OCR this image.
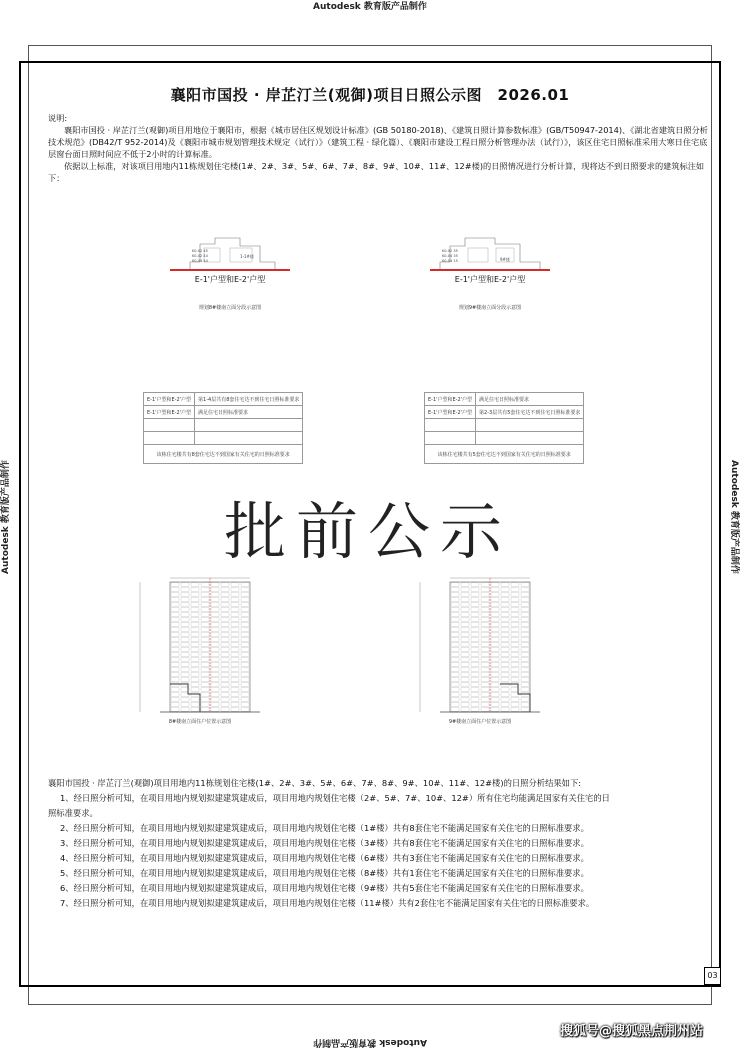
Autodesk 教育版产品制作
Autodesk 教育版产品制作
Autodesk 教育版产品制作	Autodesk 教育版产品制作
襄阳市国投 · 岸芷汀兰(观御)项目日照公示图　2026.01
说明:
襄阳市国投 · 岸芷汀兰(观御)项目用地位于襄阳市，根据《城市居住区规划设计标准》(GB 50180-2018)、《建筑日照计算参数标准》(GB/T50947-2014)、《湖北省建筑日照分析技术规范》(DB42/T 952-2014)及《襄阳市城市规划管理技术规定（试行）》（建筑工程 · 绿化篇）、《襄阳市建设工程日照分析管理办法（试行）》，该区住宅日照标准采用大寒日住宅底层窗台面日照时间应不低于2小时的计算标准。
依据以上标准，对该项目用地内11栋规划住宅楼(1#、2#、3#、5#、6#、7#、8#、9#、10#、11#、12#楼)的日照情况进行分析计算，现将达不到日照要求的建筑标注如下：
K0-02 45
K0-02 44
K0-04 44
1-1#楼
E-1'户型和E-2'户型
规划8#楼南立面分段示意图
K0-02 35
K0-04 35
K0-04 15	9#楼
E-1'户型和E-2'户型
规划9#楼南立面分段示意图
E-1'户型和E-2'户型	第1-4层共有8套住宅达不到住宅日照标准要求
E-1'户型和E-2'户型	满足住宅日照标准要求

该栋住宅楼共有8套住宅达不到国家有关住宅的日照标准要求	
E-1'户型和E-2'户型	满足住宅日照标准要求
E-1'户型和E-2'户型	第2-3层共有5套住宅达不到住宅日照标准要求

该栋住宅楼共有5套住宅达不到国家有关住宅的日照标准要求	
批前公示
8#楼南立面住户位置示意图	9#楼南立面住户位置示意图
襄阳市国投 · 岸芷汀兰(观御)项目用地内11栋规划住宅楼(1#、2#、3#、5#、6#、7#、8#、9#、10#、11#、12#楼)的日照分析结果如下:
1、经日照分析可知，在项目用地内规划拟建建筑建成后，项目用地内规划住宅楼（2#、5#、7#、10#、12#）所有住宅均能满足国家有关住宅的日
照标准要求。
2、经日照分析可知，在项目用地内规划拟建建筑建成后，项目用地内规划住宅楼（1#楼）共有8套住宅不能满足国家有关住宅的日照标准要求。
3、经日照分析可知，在项目用地内规划拟建建筑建成后，项目用地内规划住宅楼（3#楼）共有8套住宅不能满足国家有关住宅的日照标准要求。
4、经日照分析可知，在项目用地内规划拟建建筑建成后，项目用地内规划住宅楼（6#楼）共有3套住宅不能满足国家有关住宅的日照标准要求。
5、经日照分析可知，在项目用地内规划拟建建筑建成后，项目用地内规划住宅楼（8#楼）共有1套住宅不能满足国家有关住宅的日照标准要求。
6、经日照分析可知，在项目用地内规划拟建建筑建成后，项目用地内规划住宅楼（9#楼）共有5套住宅不能满足国家有关住宅的日照标准要求。
7、经日照分析可知，在项目用地内规划拟建建筑建成后，项目用地内规划住宅楼（11#楼）共有2套住宅不能满足国家有关住宅的日照标准要求。
03
搜狐号@搜狐黑点荆州站
